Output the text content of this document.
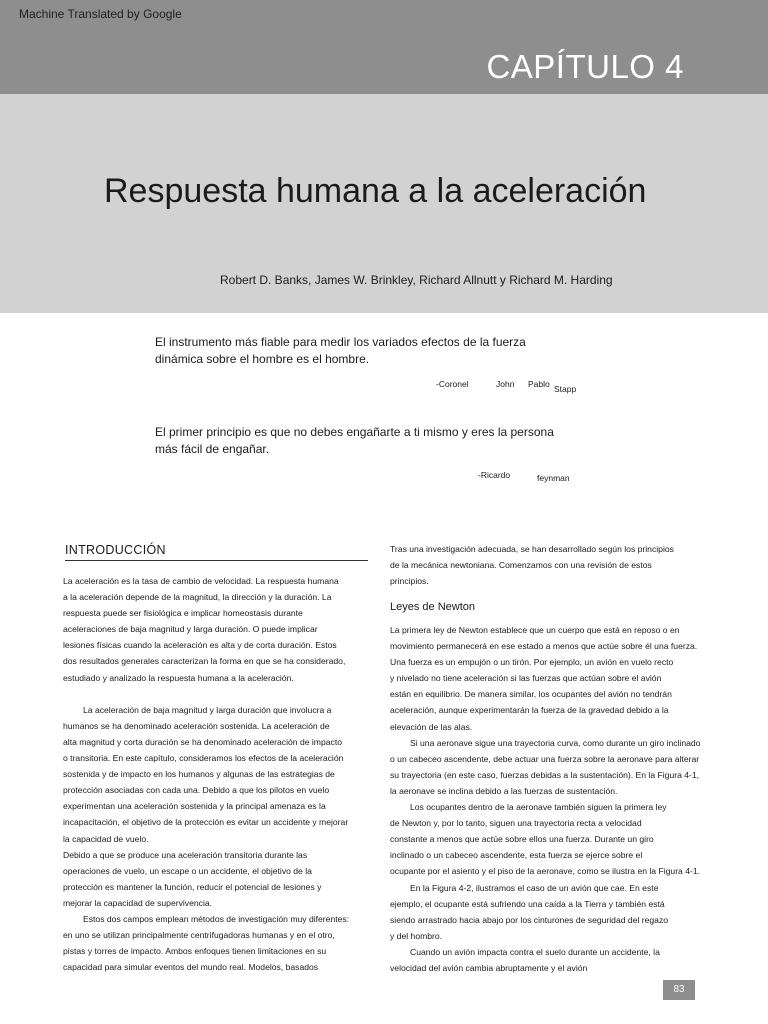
Machine Translated by Google
CAPÍTULO 4
Respuesta humana a la aceleración
Robert D. Banks, James W. Brinkley, Richard Allnutt y Richard M. Harding
El instrumento más fiable para medir los variados efectos de la fuerza
dinámica sobre el hombre es el hombre.
-Coronel	John Pablo Stapp
El primer principio es que no debes engañarte a ti mismo y eres la persona
más fácil de engañar.
-Ricardo	feynman
INTRODUCCIÓN

La aceleración es la tasa de cambio de velocidad. La respuesta humana

a la aceleración depende de la magnitud, la dirección y la duración. La

respuesta puede ser fisiológica e implicar homeostasis durante

aceleraciones de baja magnitud y larga duración. O puede implicar

lesiones físicas cuando la aceleración es alta y de corta duración. Estos

dos resultados generales caracterizan la forma en que se ha considerado,

estudiado y analizado la respuesta humana a la aceleración.

La aceleración de baja magnitud y larga duración que involucra a

humanos se ha denominado aceleración sostenida. La aceleración de

alta magnitud y corta duración se ha denominado aceleración de impacto

o transitoria. En este capítulo, consideramos los efectos de la aceleración

sostenida y de impacto en los humanos y algunas de las estrategias de

protección asociadas con cada una. Debido a que los pilotos en vuelo

experimentan una aceleración sostenida y la principal amenaza es la

incapacitación, el objetivo de la protección es evitar un accidente y mejorar

la capacidad de vuelo.

Debido a que se produce una aceleración transitoria durante las

operaciones de vuelo, un escape o un accidente, el objetivo de la

protección es mantener la función, reducir el potencial de lesiones y

mejorar la capacidad de supervivencia.

Estos dos campos emplean métodos de investigación muy diferentes:

en uno se utilizan principalmente centrifugadoras humanas y en el otro,

pistas y torres de impacto. Ambos enfoques tienen limitaciones en su

capacidad para simular eventos del mundo real. Modelos, basados

Tras una investigación adecuada, se han desarrollado según los principios

de la mecánica newtoniana. Comenzamos con una revisión de estos

principios.

Leyes de Newton

La primera ley de Newton establece que un cuerpo que está en reposo o en

movimiento permanecerá en ese estado a menos que actúe sobre él una fuerza.

Una fuerza es un empujón o un tirón. Por ejemplo, un avión en vuelo recto

y nivelado no tiene aceleración si las fuerzas que actúan sobre el avión

están en equilibrio. De manera similar, los ocupantes del avión no tendrán

aceleración, aunque experimentarán la fuerza de la gravedad debido a la

elevación de las alas.

Si una aeronave sigue una trayectoria curva, como durante un giro inclinado

o un cabeceo ascendente, debe actuar una fuerza sobre la aeronave para alterar

su trayectoria (en este caso, fuerzas debidas a la sustentación). En la Figura 4-1,

la aeronave se inclina debido a las fuerzas de sustentación.

Los ocupantes dentro de la aeronave también siguen la primera ley

de Newton y, por lo tanto, siguen una trayectoria recta a velocidad

constante a menos que actúe sobre ellos una fuerza. Durante un giro

inclinado o un cabeceo ascendente, esta fuerza se ejerce sobre el

ocupante por el asiento y el piso de la aeronave, como se ilustra en la Figura 4-1.

En la Figura 4-2, ilustramos el caso de un avión que cae. En este

ejemplo, el ocupante está sufriendo una caída a la Tierra y también está

siendo arrastrado hacia abajo por los cinturones de seguridad del regazo

y del hombro.

Cuando un avión impacta contra el suelo durante un accidente, la

velocidad del avión cambia abruptamente y el avión

83
